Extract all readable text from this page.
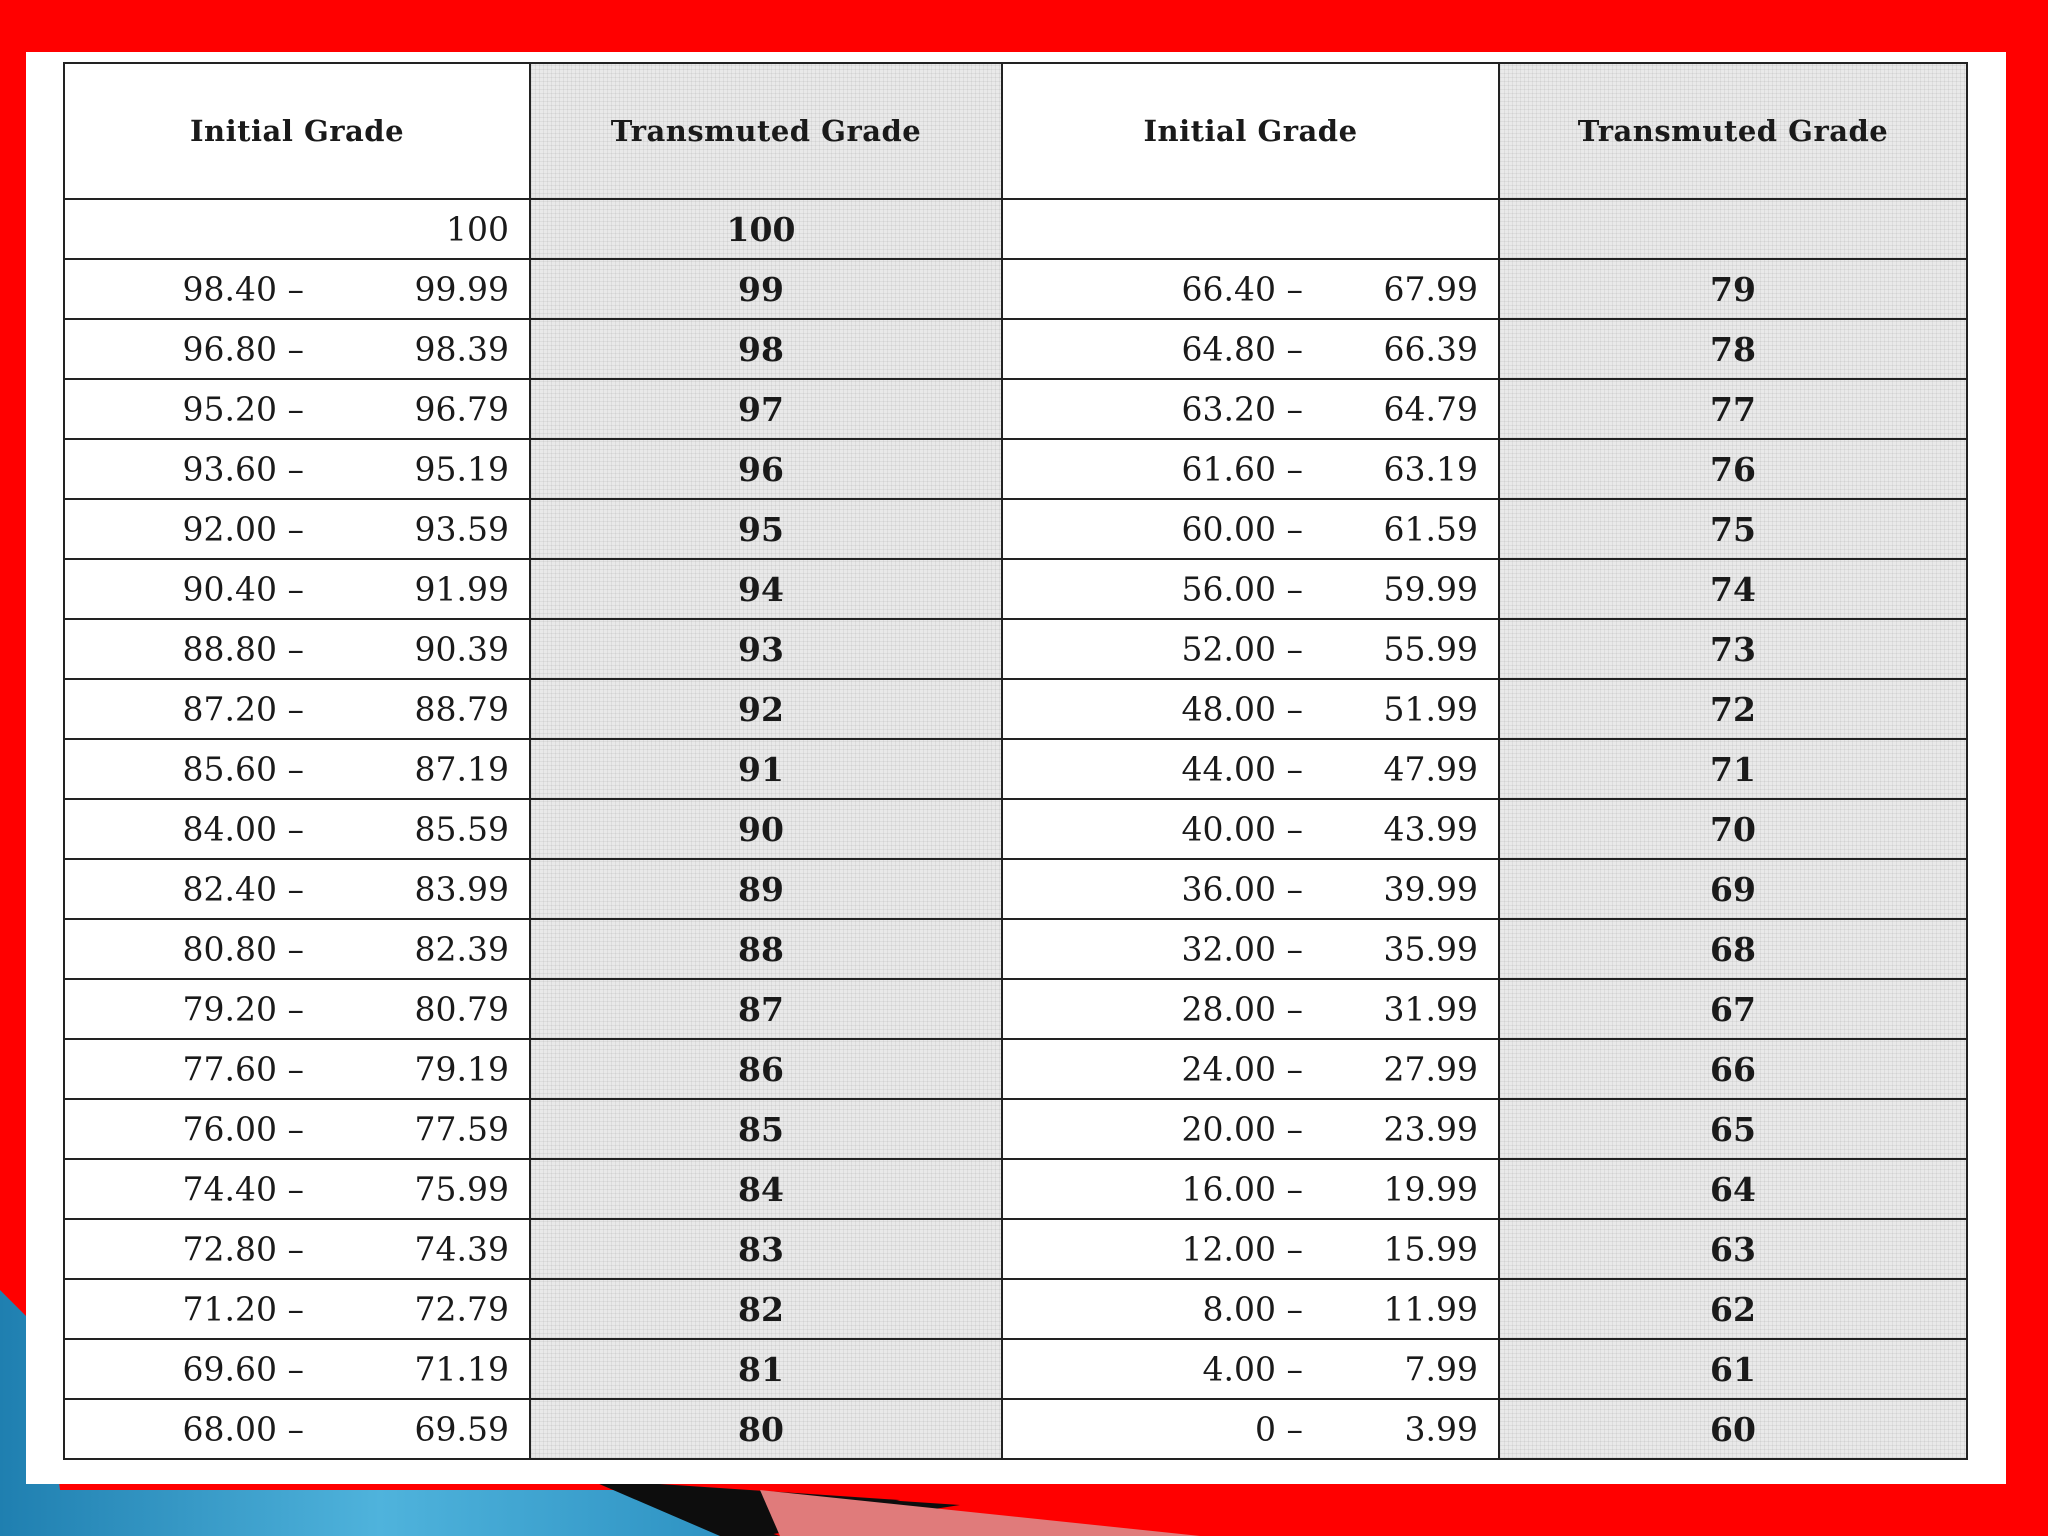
Initial Grade	Transmuted Grade	Initial Grade	Transmuted Grade

100	100	

98.40 – 99.99	99	66.40 – 67.99	79

96.80 – 98.39	98	64.80 – 66.39	78

95.20 – 96.79	97	63.20 – 64.79	77

93.60 – 95.19	96	61.60 – 63.19	76

92.00 – 93.59	95	60.00 – 61.59	75

90.40 – 91.99	94	56.00 – 59.99	74

88.80 – 90.39	93	52.00 – 55.99	73

87.20 – 88.79	92	48.00 – 51.99	72

85.60 – 87.19	91	44.00 – 47.99	71

84.00 – 85.59	90	40.00 – 43.99	70

82.40 – 83.99	89	36.00 – 39.99	69

80.80 – 82.39	88	32.00 – 35.99	68

79.20 – 80.79	87	28.00 – 31.99	67

77.60 – 79.19	86	24.00 – 27.99	66

76.00 – 77.59	85	20.00 – 23.99	65

74.40 – 75.99	84	16.00 – 19.99	64

72.80 – 74.39	83	12.00 – 15.99	63

71.20 – 72.79	82	8.00 – 11.99	62

69.60 – 71.19	81	4.00 – 7.99	61

68.00 – 69.59	80	0 – 3.99	60
